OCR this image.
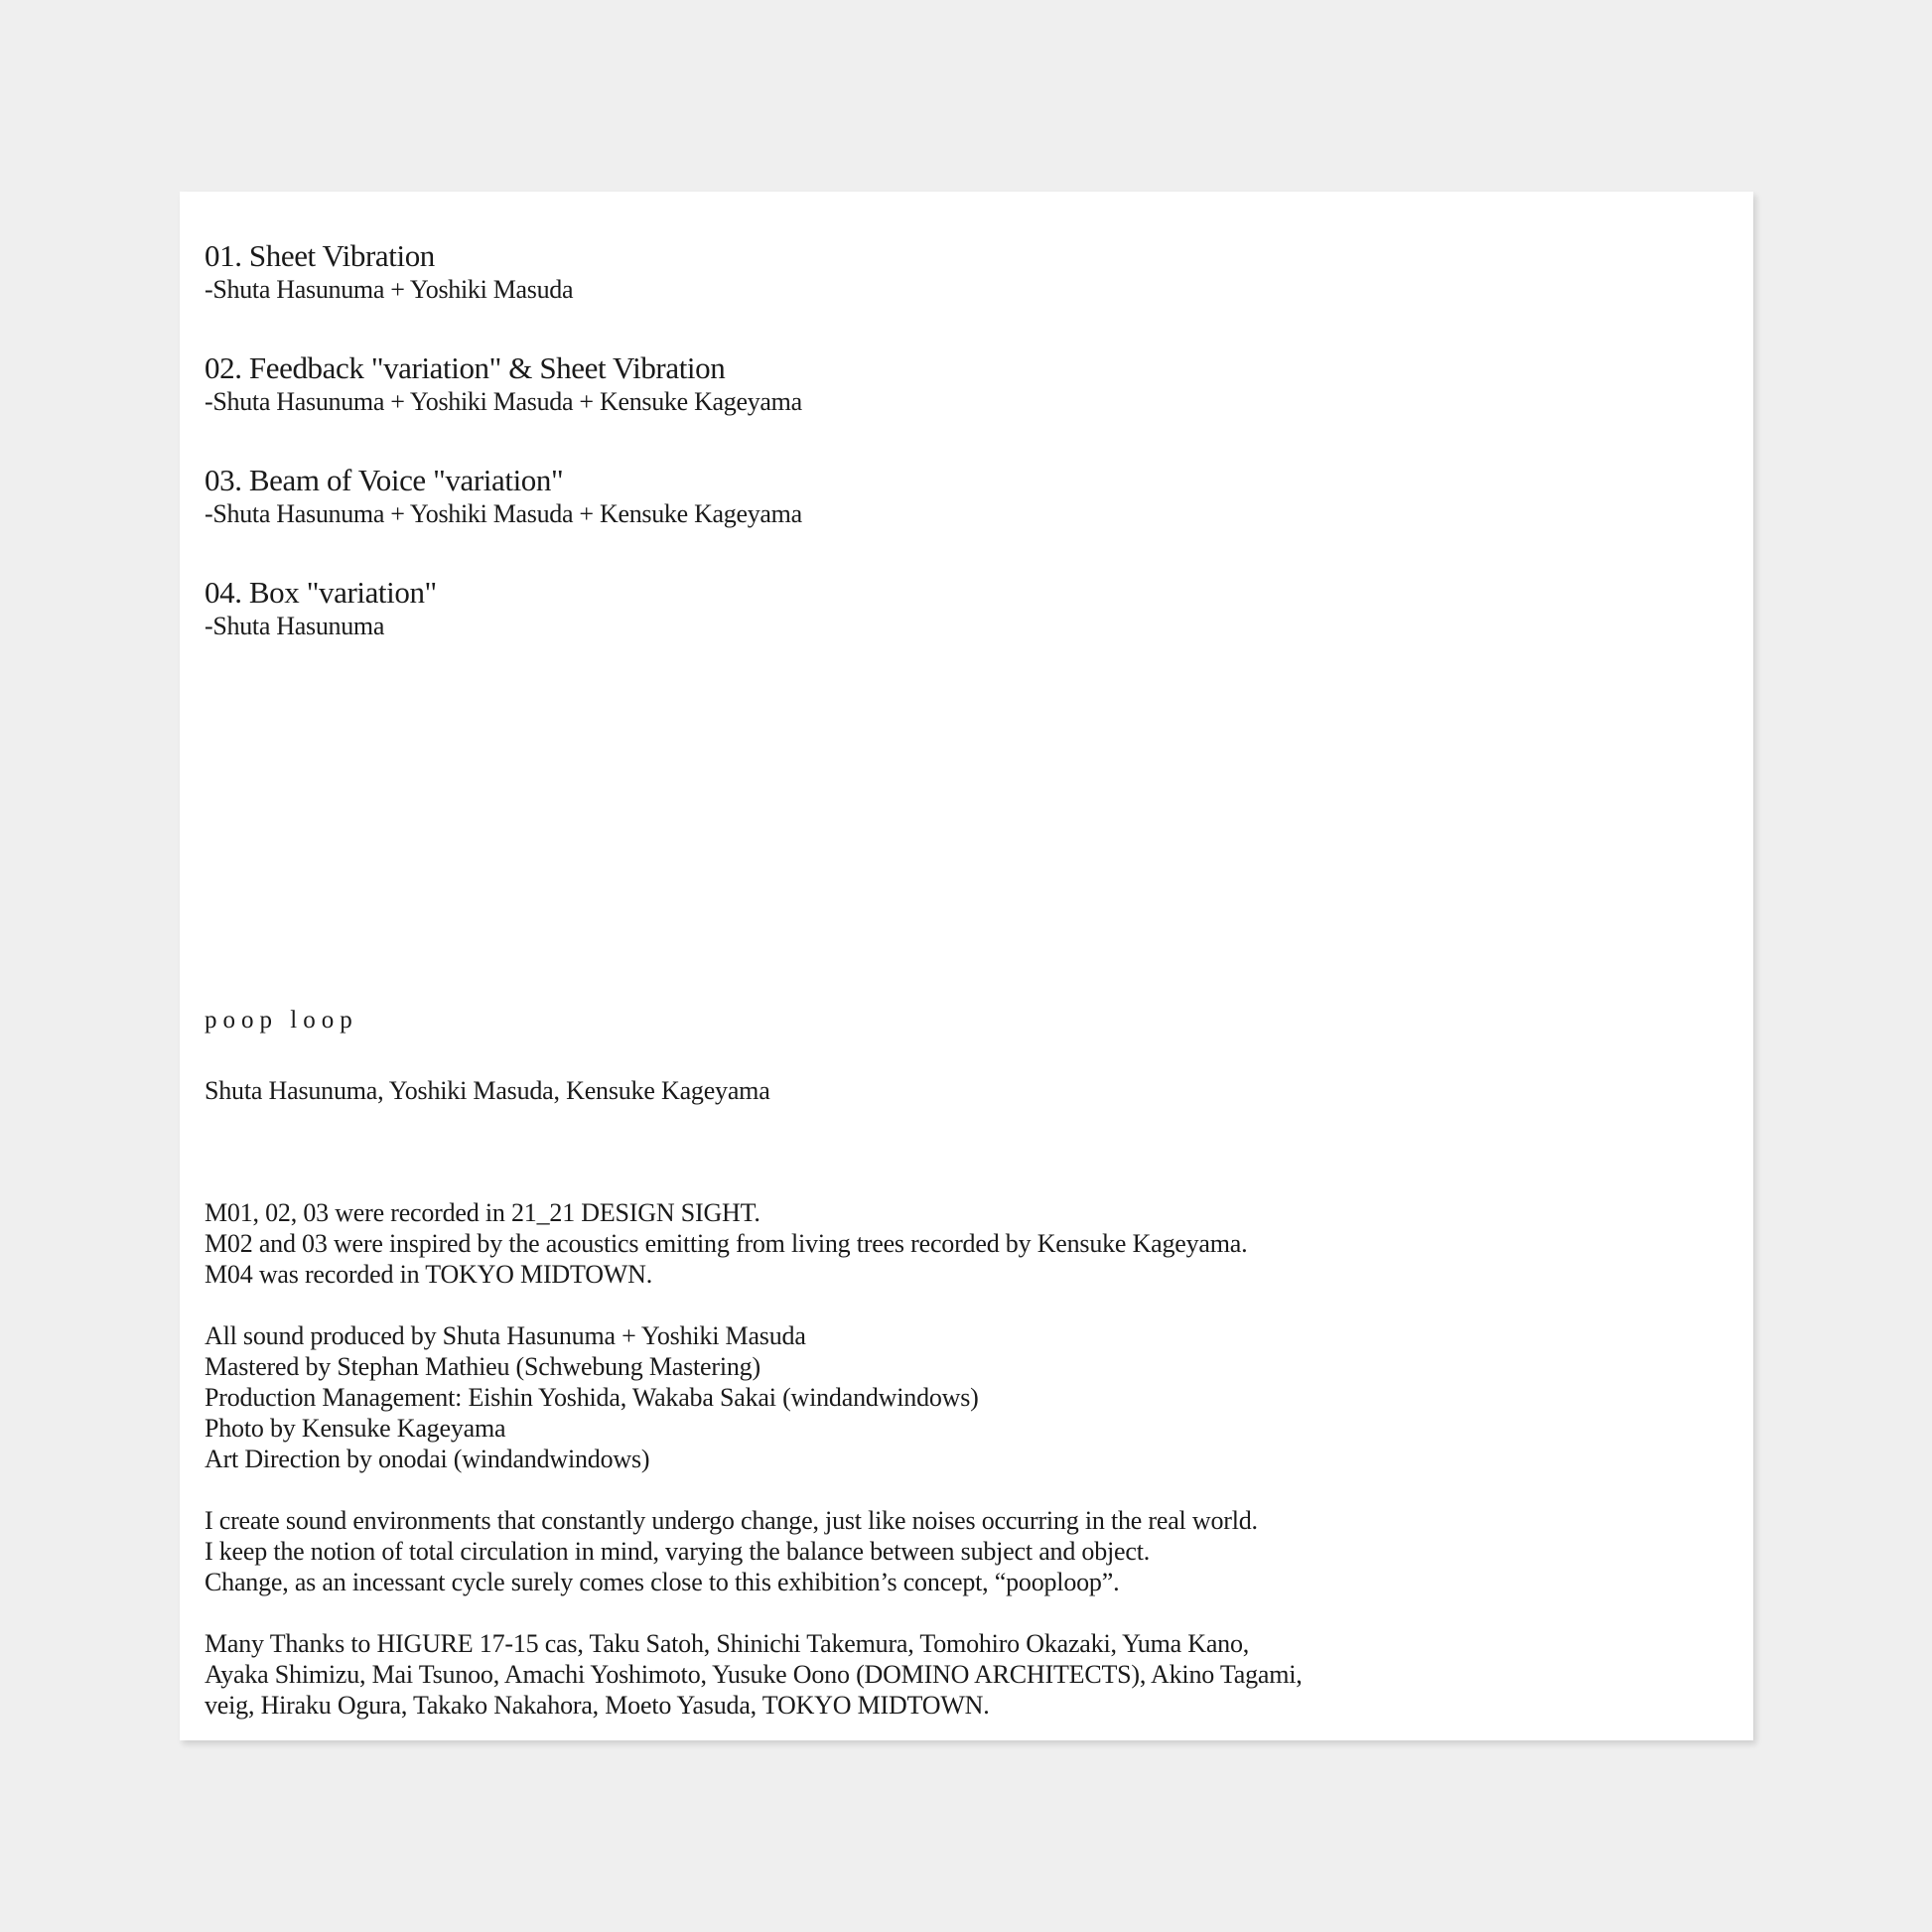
01. Sheet Vibration
-Shuta Hasunuma + Yoshiki Masuda
02. Feedback "variation" & Sheet Vibration
-Shuta Hasunuma + Yoshiki Masuda + Kensuke Kageyama
03. Beam of Voice "variation"
-Shuta Hasunuma + Yoshiki Masuda + Kensuke Kageyama
04. Box "variation"
-Shuta Hasunuma
poop loop
Shuta Hasunuma, Yoshiki Masuda, Kensuke Kageyama
M01, 02, 03 were recorded in 21_21 DESIGN SIGHT.
M02 and 03 were inspired by the acoustics emitting from living trees recorded by Kensuke Kageyama.
M04 was recorded in TOKYO MIDTOWN.
All sound produced by Shuta Hasunuma + Yoshiki Masuda
Mastered by Stephan Mathieu (Schwebung Mastering)
Production Management: Eishin Yoshida, Wakaba Sakai (windandwindows)
Photo by Kensuke Kageyama
Art Direction by onodai (windandwindows)
I create sound environments that constantly undergo change, just like noises occurring in the real world.
I keep the notion of total circulation in mind, varying the balance between subject and object.
Change, as an incessant cycle surely comes close to this exhibition’s concept, “pooploop”.
Many Thanks to HIGURE 17-15 cas, Taku Satoh, Shinichi Takemura, Tomohiro Okazaki, Yuma Kano,
Ayaka Shimizu, Mai Tsunoo, Amachi Yoshimoto, Yusuke Oono (DOMINO ARCHITECTS), Akino Tagami,
veig, Hiraku Ogura, Takako Nakahora, Moeto Yasuda, TOKYO MIDTOWN.
